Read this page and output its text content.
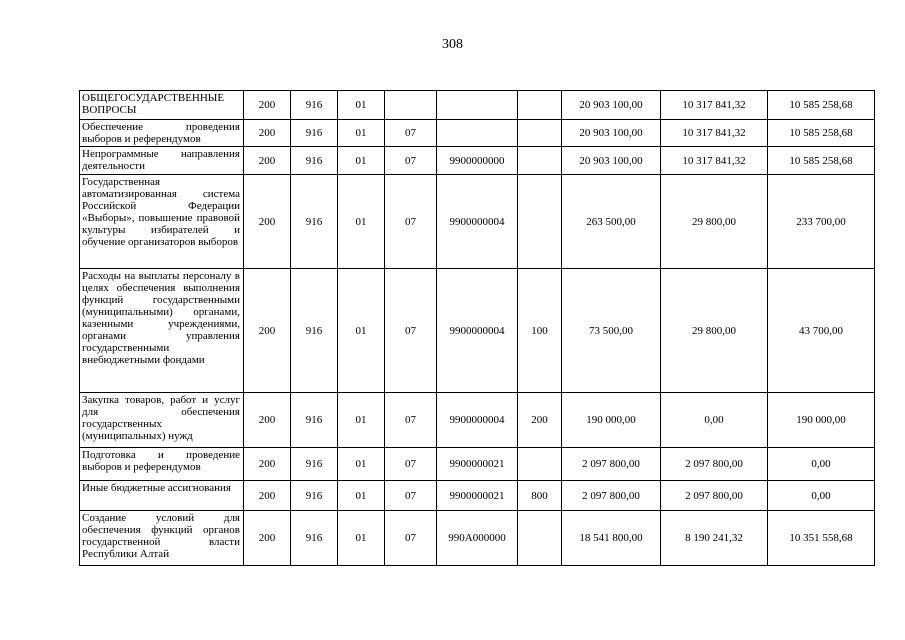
308
ОБЩЕГОСУДАРСТВЕННЫЕ ВОПРОСЫ	200	916	01				20 903 100,00	10 317 841,32	10 585 258,68
Обеспечение проведения выборов и референдумов	200	916	01	07			20 903 100,00	10 317 841,32	10 585 258,68
Непрограммные направления деятельности	200	916	01	07	9900000000		20 903 100,00	10 317 841,32	10 585 258,68
Государственная автоматизированная система Российской Федерации «Выборы», повышение правовой культуры избирателей и обучение организаторов выборов	200	916	01	07	9900000004		263 500,00	29 800,00	233 700,00
Расходы на выплаты персоналу в целях обеспечения выполнения функций государственными (муниципальными) органами, казенными учреждениями, органами управления государственными внебюджетными фондами	200	916	01	07	9900000004	100	73 500,00	29 800,00	43 700,00
Закупка товаров, работ и услуг для обеспечения государственных (муниципальных) нужд	200	916	01	07	9900000004	200	190 000,00	0,00	190 000,00
Подготовка и проведение выборов и референдумов	200	916	01	07	9900000021		2 097 800,00	2 097 800,00	0,00
Иные бюджетные ассигнования	200	916	01	07	9900000021	800	2 097 800,00	2 097 800,00	0,00
Создание условий для обеспечения функций органов государственной власти Республики Алтай	200	916	01	07	990А000000		18 541 800,00	8 190 241,32	10 351 558,68
